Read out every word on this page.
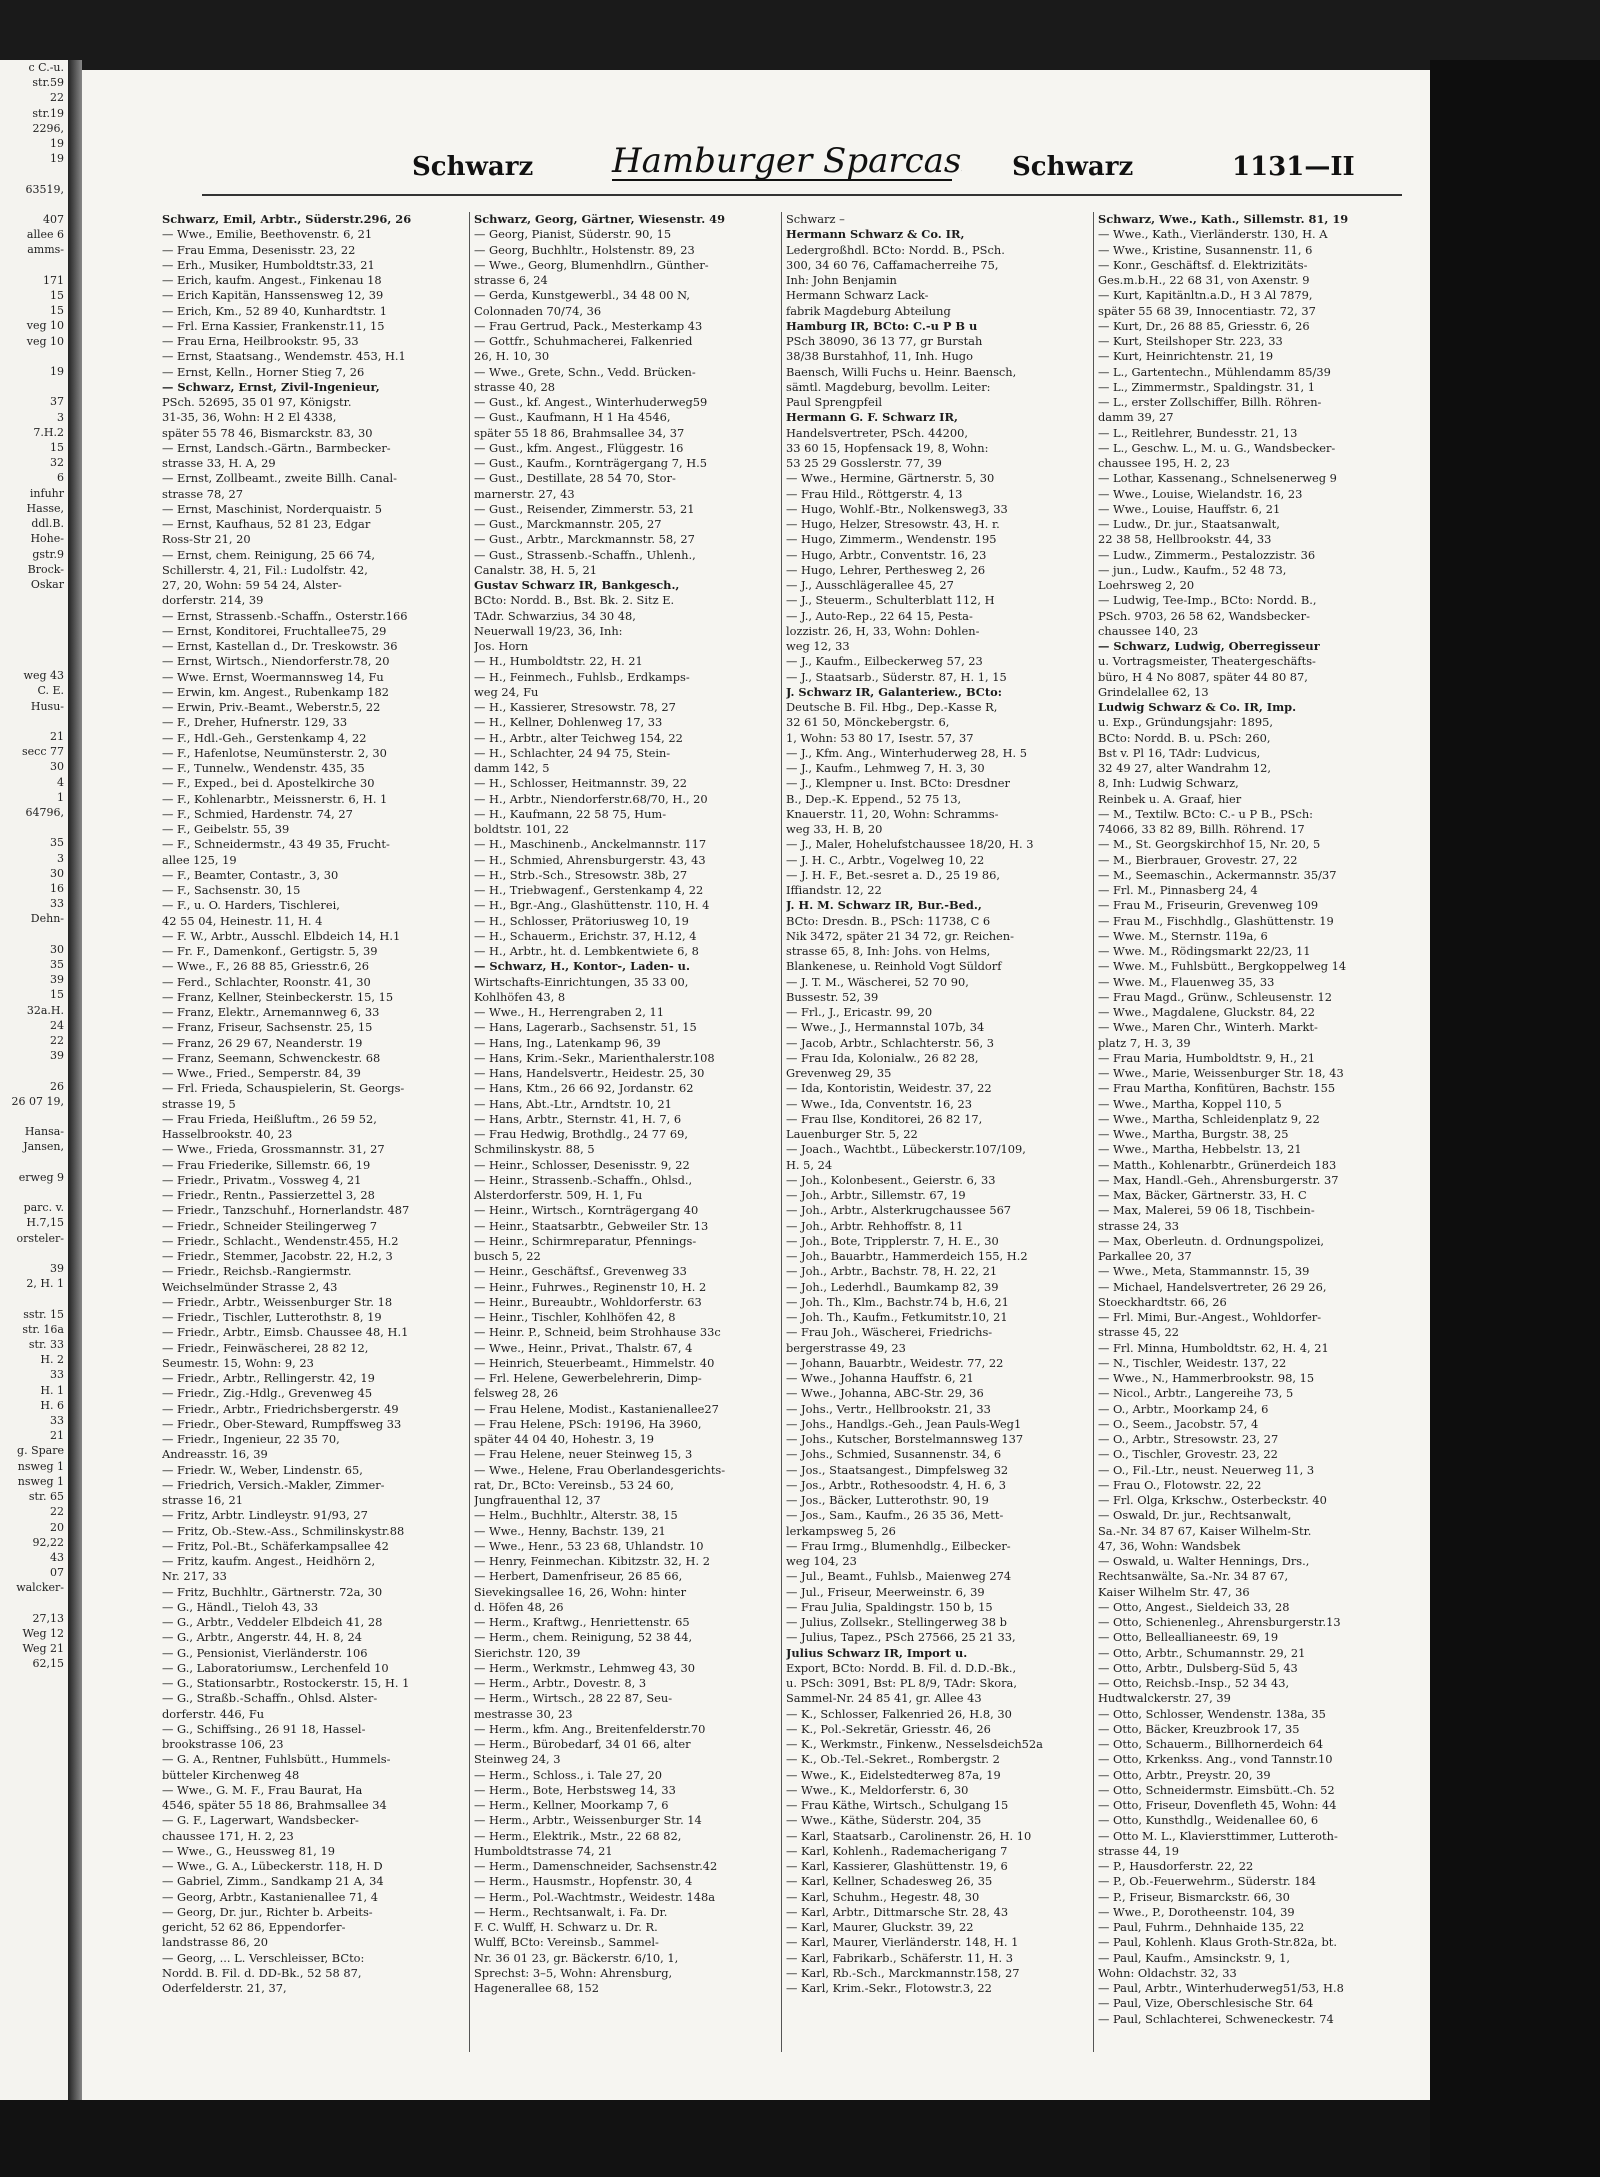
c C.-u.
str.59
22
str.19
2296,
19
19

63519,

407
allee 6
amms-

171
15
15
veg 10
veg 10

19

37
3
7.H.2
15
32
6
infuhr
Hasse,
ddl.B.
Hohe-
gstr.9
Brock-
Oskar

weg 43
C. E.
Husu-

21
secc 77
30
4
1
64796,

35
3
30
16
33
Dehn-

30
35
39
15
32a.H.
24
22
39

26
26 07 19,

Hansa-
Jansen,

erweg 9

parc. v.
H.7,15
orsteler-

39
2, H. 1

sstr. 15
str. 16a
str. 33
H. 2
33
H. 1
H. 6
33
21
g. Spare
nsweg 1
nsweg 1
str. 65
22
20
92,22
43
07
walcker-

27,13
Weg 12
Weg 21
62,15
Schwarz Hamburger Sparcas	Schwarz	1131—II
Schwarz, Emil, Arbtr., Süderstr.296, 26
— Wwe., Emilie, Beethovenstr. 6, 21
— Frau Emma, Desenisstr. 23, 22
— Erh., Musiker, Humboldtstr.33, 21
— Erich, kaufm. Angest., Finkenau 18
— Erich Kapitän, Hanssensweg 12, 39
— Erich, Km., 52 89 40, Kunhardtstr. 1
— Frl. Erna Kassier, Frankenstr.11, 15
— Frau Erna, Heilbrookstr. 95, 33
— Ernst, Staatsang., Wendemstr. 453, H.1
— Ernst, Kelln., Horner Stieg 7, 26
— Schwarz, Ernst, Zivil-Ingenieur,
PSch. 52695, 35 01 97, Königstr.
31-35, 36, Wohn: H 2 El 4338,
später 55 78 46, Bismarckstr. 83, 30
— Ernst, Landsch.-Gärtn., Barmbecker-
strasse 33, H. A, 29
— Ernst, Zollbeamt., zweite Billh. Canal-
strasse 78, 27
— Ernst, Maschinist, Norderquaistr. 5
— Ernst, Kaufhaus, 52 81 23, Edgar
Ross-Str 21, 20
— Ernst, chem. Reinigung, 25 66 74,
Schillerstr. 4, 21, Fil.: Ludolfstr. 42,
27, 20, Wohn: 59 54 24, Alster-
dorferstr. 214, 39
— Ernst, Strassenb.-Schaffn., Osterstr.166
— Ernst, Konditorei, Fruchtallee75, 29
— Ernst, Kastellan d., Dr. Treskowstr. 36
— Ernst, Wirtsch., Niendorferstr.78, 20
— Wwe. Ernst, Woermannsweg 14, Fu
— Erwin, km. Angest., Rubenkamp 182
— Erwin, Priv.-Beamt., Weberstr.5, 22
— F., Dreher, Hufnerstr. 129, 33
— F., Hdl.-Geh., Gerstenkamp 4, 22
— F., Hafenlotse, Neumünsterstr. 2, 30
— F., Tunnelw., Wendenstr. 435, 35
— F., Exped., bei d. Apostelkirche 30
— F., Kohlenarbtr., Meissnerstr. 6, H. 1
— F., Schmied, Hardenstr. 74, 27
— F., Geibelstr. 55, 39
— F., Schneidermstr., 43 49 35, Frucht-
allee 125, 19
— F., Beamter, Contastr., 3, 30
— F., Sachsenstr. 30, 15
— F., u. O. Harders, Tischlerei,
42 55 04, Heinestr. 11, H. 4
— F. W., Arbtr., Ausschl. Elbdeich 14, H.1
— Fr. F., Damenkonf., Gertigstr. 5, 39
— Wwe., F., 26 88 85, Griesstr.6, 26
— Ferd., Schlachter, Roonstr. 41, 30
— Franz, Kellner, Steinbeckerstr. 15, 15
— Franz, Elektr., Arnemannweg 6, 33
— Franz, Friseur, Sachsenstr. 25, 15
— Franz, 26 29 67, Neanderstr. 19
— Franz, Seemann, Schwenckestr. 68
— Wwe., Fried., Semperstr. 84, 39
— Frl. Frieda, Schauspielerin, St. Georgs-
strasse 19, 5
— Frau Frieda, Heißluftm., 26 59 52,
Hasselbrookstr. 40, 23
— Wwe., Frieda, Grossmannstr. 31, 27
— Frau Friederike, Sillemstr. 66, 19
— Friedr., Privatm., Vossweg 4, 21
— Friedr., Rentn., Passierzettel 3, 28
— Friedr., Tanzschuhf., Hornerlandstr. 487
— Friedr., Schneider Steilingerweg 7
— Friedr., Schlacht., Wendenstr.455, H.2
— Friedr., Stemmer, Jacobstr. 22, H.2, 3
— Friedr., Reichsb.-Rangiermstr.
Weichselmünder Strasse 2, 43
— Friedr., Arbtr., Weissenburger Str. 18
— Friedr., Tischler, Lutterothstr. 8, 19
— Friedr., Arbtr., Eimsb. Chaussee 48, H.1
— Friedr., Feinwäscherei, 28 82 12,
Seumestr. 15, Wohn: 9, 23
— Friedr., Arbtr., Rellingerstr. 42, 19
— Friedr., Zig.-Hdlg., Grevenweg 45
— Friedr., Arbtr., Friedrichsbergerstr. 49
— Friedr., Ober-Steward, Rumpffsweg 33
— Friedr., Ingenieur, 22 35 70,
Andreasstr. 16, 39
— Friedr. W., Weber, Lindenstr. 65,
— Friedrich, Versich.-Makler, Zimmer-
strasse 16, 21
— Fritz, Arbtr. Lindleystr. 91/93, 27
— Fritz, Ob.-Stew.-Ass., Schmilinskystr.88
— Fritz, Pol.-Bt., Schäferkampsallee 42
— Fritz, kaufm. Angest., Heidhörn 2,
Nr. 217, 33
— Fritz, Buchhltr., Gärtnerstr. 72a, 30
— G., Händl., Tieloh 43, 33
— G., Arbtr., Veddeler Elbdeich 41, 28
— G., Arbtr., Angerstr. 44, H. 8, 24
— G., Pensionist, Vierländerstr. 106
— G., Laboratoriumsw., Lerchenfeld 10
— G., Stationsarbtr., Rostockerstr. 15, H. 1
— G., Straßb.-Schaffn., Ohlsd. Alster-
dorferstr. 446, Fu
— G., Schiffsing., 26 91 18, Hassel-
brookstrasse 106, 23
— G. A., Rentner, Fuhlsbütt., Hummels-
bütteler Kirchenweg 48
— Wwe., G. M. F., Frau Baurat, Ha
4546, später 55 18 86, Brahmsallee 34
— G. F., Lagerwart, Wandsbecker-
chaussee 171, H. 2, 23
— Wwe., G., Heussweg 81, 19
— Wwe., G. A., Lübeckerstr. 118, H. D
— Gabriel, Zimm., Sandkamp 21 A, 34
— Georg, Arbtr., Kastanienallee 71, 4
— Georg, Dr. jur., Richter b. Arbeits-
gericht, 52 62 86, Eppendorfer-
landstrasse 86, 20
— Georg, ... L. Verschleisser, BCto:
Nordd. B. Fil. d. DD-Bk., 52 58 87,
Oderfelderstr. 21, 37,
Schwarz, Georg, Gärtner, Wiesenstr. 49
— Georg, Pianist, Süderstr. 90, 15
— Georg, Buchhltr., Holstenstr. 89, 23
— Wwe., Georg, Blumenhdlrn., Günther-
strasse 6, 24
— Gerda, Kunstgewerbl., 34 48 00 N,
Colonnaden 70/74, 36
— Frau Gertrud, Pack., Mesterkamp 43
— Gottfr., Schuhmacherei, Falkenried
26, H. 10, 30
— Wwe., Grete, Schn., Vedd. Brücken-
strasse 40, 28
— Gust., kf. Angest., Winterhuderweg59
— Gust., Kaufmann, H 1 Ha 4546,
später 55 18 86, Brahmsallee 34, 37
— Gust., kfm. Angest., Flüggestr. 16
— Gust., Kaufm., Kornträgergang 7, H.5
— Gust., Destillate, 28 54 70, Stor-
marnerstr. 27, 43
— Gust., Reisender, Zimmerstr. 53, 21
— Gust., Marckmannstr. 205, 27
— Gust., Arbtr., Marckmannstr. 58, 27
— Gust., Strassenb.-Schaffn., Uhlenh.,
Canalstr. 38, H. 5, 21
Gustav Schwarz IR, Bankgesch.,
BCto: Nordd. B., Bst. Bk. 2. Sitz E.
TAdr. Schwarzius, 34 30 48,
Neuerwall 19/23, 36, Inh:
Jos. Horn
— H., Humboldtstr. 22, H. 21
— H., Feinmech., Fuhlsb., Erdkamps-
weg 24, Fu
— H., Kassierer, Stresowstr. 78, 27
— H., Kellner, Dohlenweg 17, 33
— H., Arbtr., alter Teichweg 154, 22
— H., Schlachter, 24 94 75, Stein-
damm 142, 5
— H., Schlosser, Heitmannstr. 39, 22
— H., Arbtr., Niendorferstr.68/70, H., 20
— H., Kaufmann, 22 58 75, Hum-
boldtstr. 101, 22
— H., Maschinenb., Anckelmannstr. 117
— H., Schmied, Ahrensburgerstr. 43, 43
— H., Strb.-Sch., Stresowstr. 38b, 27
— H., Triebwagenf., Gerstenkamp 4, 22
— H., Bgr.-Ang., Glashüttenstr. 110, H. 4
— H., Schlosser, Prätoriusweg 10, 19
— H., Schauerm., Erichstr. 37, H.12, 4
— H., Arbtr., ht. d. Lembkentwiete 6, 8
— Schwarz, H., Kontor-, Laden- u.
Wirtschafts-Einrichtungen, 35 33 00,
Kohlhöfen 43, 8
— Wwe., H., Herrengraben 2, 11
— Hans, Lagerarb., Sachsenstr. 51, 15
— Hans, Ing., Latenkamp 96, 39
— Hans, Krim.-Sekr., Marienthalerstr.108
— Hans, Handelsvertr., Heidestr. 25, 30
— Hans, Ktm., 26 66 92, Jordanstr. 62
— Hans, Abt.-Ltr., Arndtstr. 10, 21
— Hans, Arbtr., Sternstr. 41, H. 7, 6
— Frau Hedwig, Brothdlg., 24 77 69,
Schmilinskystr. 88, 5
— Heinr., Schlosser, Desenisstr. 9, 22
— Heinr., Strassenb.-Schaffn., Ohlsd.,
Alsterdorferstr. 509, H. 1, Fu
— Heinr., Wirtsch., Kornträgergang 40
— Heinr., Staatsarbtr., Gebweiler Str. 13
— Heinr., Schirmreparatur, Pfennings-
busch 5, 22
— Heinr., Geschäftsf., Grevenweg 33
— Heinr., Fuhrwes., Reginenstr 10, H. 2
— Heinr., Bureaubtr., Wohldorferstr. 63
— Heinr., Tischler, Kohlhöfen 42, 8
— Heinr. P., Schneid, beim Strohhause 33c
— Wwe., Heinr., Privat., Thalstr. 67, 4
— Heinrich, Steuerbeamt., Himmelstr. 40
— Frl. Helene, Gewerbelehrerin, Dimp-
felsweg 28, 26
— Frau Helene, Modist., Kastanienallee27
— Frau Helene, PSch: 19196, Ha 3960,
später 44 04 40, Hohestr. 3, 19
— Frau Helene, neuer Steinweg 15, 3
— Wwe., Helene, Frau Oberlandesgerichts-
rat, Dr., BCto: Vereinsb., 53 24 60,
Jungfrauenthal 12, 37
— Helm., Buchhltr., Alterstr. 38, 15
— Wwe., Henny, Bachstr. 139, 21
— Wwe., Henr., 53 23 68, Uhlandstr. 10
— Henry, Feinmechan. Kibitzstr. 32, H. 2
— Herbert, Damenfriseur, 26 85 66,
Sievekingsallee 16, 26, Wohn: hinter
d. Höfen 48, 26
— Herm., Kraftwg., Henriettenstr. 65
— Herm., chem. Reinigung, 52 38 44,
Sierichstr. 120, 39
— Herm., Werkmstr., Lehmweg 43, 30
— Herm., Arbtr., Dovestr. 8, 3
— Herm., Wirtsch., 28 22 87, Seu-
mestrasse 30, 23
— Herm., kfm. Ang., Breitenfelderstr.70
— Herm., Bürobedarf, 34 01 66, alter
Steinweg 24, 3
— Herm., Schloss., i. Tale 27, 20
— Herm., Bote, Herbstsweg 14, 33
— Herm., Kellner, Moorkamp 7, 6
— Herm., Arbtr., Weissenburger Str. 14
— Herm., Elektrik., Mstr., 22 68 82,
Humboldtstrasse 74, 21
— Herm., Damenschneider, Sachsenstr.42
— Herm., Hausmstr., Hopfenstr. 30, 4
— Herm., Pol.-Wachtmstr., Weidestr. 148a
— Herm., Rechtsanwalt, i. Fa. Dr.
F. C. Wulff, H. Schwarz u. Dr. R.
Wulff, BCto: Vereinsb., Sammel-
Nr. 36 01 23, gr. Bäckerstr. 6/10, 1,
Sprechst: 3–5, Wohn: Ahrensburg,
Hagenerallee 68, 152
Schwarz –
Hermann Schwarz & Co. IR,
Ledergroßhdl. BCto: Nordd. B., PSch.
300, 34 60 76, Caffamacherreihe 75,
Inh: John Benjamin
Hermann Schwarz Lack-
fabrik Magdeburg Abteilung
Hamburg IR, BCto: C.-u P B u
PSch 38090, 36 13 77, gr Burstah
38/38 Burstahhof, 11, Inh. Hugo
Baensch, Willi Fuchs u. Heinr. Baensch,
sämtl. Magdeburg, bevollm. Leiter:
Paul Sprengpfeil
Hermann G. F. Schwarz IR,
Handelsvertreter, PSch. 44200,
33 60 15, Hopfensack 19, 8, Wohn:
53 25 29 Gosslerstr. 77, 39
— Wwe., Hermine, Gärtnerstr. 5, 30
— Frau Hild., Röttgerstr. 4, 13
— Hugo, Wohlf.-Btr., Nolkensweg3, 33
— Hugo, Helzer, Stresowstr. 43, H. r.
— Hugo, Zimmerm., Wendenstr. 195
— Hugo, Arbtr., Conventstr. 16, 23
— Hugo, Lehrer, Perthesweg 2, 26
— J., Ausschlägerallee 45, 27
— J., Steuerm., Schulterblatt 112, H
— J., Auto-Rep., 22 64 15, Pesta-
lozzistr. 26, H, 33, Wohn: Dohlen-
weg 12, 33
— J., Kaufm., Eilbeckerweg 57, 23
— J., Staatsarb., Süderstr. 87, H. 1, 15
J. Schwarz IR, Galanteriew., BCto:
Deutsche B. Fil. Hbg., Dep.-Kasse R,
32 61 50, Mönckebergstr. 6,
1, Wohn: 53 80 17, Isestr. 57, 37
— J., Kfm. Ang., Winterhuderweg 28, H. 5
— J., Kaufm., Lehmweg 7, H. 3, 30
— J., Klempner u. Inst. BCto: Dresdner
B., Dep.-K. Eppend., 52 75 13,
Knauerstr. 11, 20, Wohn: Schramms-
weg 33, H. B, 20
— J., Maler, Hohelufstchaussee 18/20, H. 3
— J. H. C., Arbtr., Vogelweg 10, 22
— J. H. F., Bet.-sesret a. D., 25 19 86,
Iffiandstr. 12, 22
J. H. M. Schwarz IR, Bur.-Bed.,
BCto: Dresdn. B., PSch: 11738, C 6
Nik 3472, später 21 34 72, gr. Reichen-
strasse 65, 8, Inh: Johs. von Helms,
Blankenese, u. Reinhold Vogt Süldorf
— J. T. M., Wäscherei, 52 70 90,
Bussestr. 52, 39
— Frl., J., Ericastr. 99, 20
— Wwe., J., Hermannstal 107b, 34
— Jacob, Arbtr., Schlachterstr. 56, 3
— Frau Ida, Kolonialw., 26 82 28,
Grevenweg 29, 35
— Ida, Kontoristin, Weidestr. 37, 22
— Wwe., Ida, Conventstr. 16, 23
— Frau Ilse, Konditorei, 26 82 17,
Lauenburger Str. 5, 22
— Joach., Wachtbt., Lübeckerstr.107/109,
H. 5, 24
— Joh., Kolonbesent., Geierstr. 6, 33
— Joh., Arbtr., Sillemstr. 67, 19
— Joh., Arbtr., Alsterkrugchaussee 567
— Joh., Arbtr. Rehhoffstr. 8, 11
— Joh., Bote, Tripplerstr. 7, H. E., 30
— Joh., Bauarbtr., Hammerdeich 155, H.2
— Joh., Arbtr., Bachstr. 78, H. 22, 21
— Joh., Lederhdl., Baumkamp 82, 39
— Joh. Th., Klm., Bachstr.74 b, H.6, 21
— Joh. Th., Kaufm., Fetkumitstr.10, 21
— Frau Joh., Wäscherei, Friedrichs-
bergerstrasse 49, 23
— Johann, Bauarbtr., Weidestr. 77, 22
— Wwe., Johanna Hauffstr. 6, 21
— Wwe., Johanna, ABC-Str. 29, 36
— Johs., Vertr., Hellbrookstr. 21, 33
— Johs., Handlgs.-Geh., Jean Pauls-Weg1
— Johs., Kutscher, Borstelmannsweg 137
— Johs., Schmied, Susannenstr. 34, 6
— Jos., Staatsangest., Dimpfelsweg 32
— Jos., Arbtr., Rothesoodstr. 4, H. 6, 3
— Jos., Bäcker, Lutterothstr. 90, 19
— Jos., Sam., Kaufm., 26 35 36, Mett-
lerkampsweg 5, 26
— Frau Irmg., Blumenhdlg., Eilbecker-
weg 104, 23
— Jul., Beamt., Fuhlsb., Maienweg 274
— Jul., Friseur, Meerweinstr. 6, 39
— Frau Julia, Spaldingstr. 150 b, 15
— Julius, Zollsekr., Stellingerweg 38 b
— Julius, Tapez., PSch 27566, 25 21 33,
Julius Schwarz IR, Import u.
Export, BCto: Nordd. B. Fil. d. D.D.-Bk.,
u. PSch: 3091, Bst: PL 8/9, TAdr: Skora,
Sammel-Nr. 24 85 41, gr. Allee 43
— K., Schlosser, Falkenried 26, H.8, 30
— K., Pol.-Sekretär, Griesstr. 46, 26
— K., Werkmstr., Finkenw., Nesselsdeich52a
— K., Ob.-Tel.-Sekret., Rombergstr. 2
— Wwe., K., Eidelstedterweg 87a, 19
— Wwe., K., Meldorferstr. 6, 30
— Frau Käthe, Wirtsch., Schulgang 15
— Wwe., Käthe, Süderstr. 204, 35
— Karl, Staatsarb., Carolinenstr. 26, H. 10
— Karl, Kohlenh., Rademacherigang 7
— Karl, Kassierer, Glashüttenstr. 19, 6
— Karl, Kellner, Schadesweg 26, 35
— Karl, Schuhm., Hegestr. 48, 30
— Karl, Arbtr., Dittmarsche Str. 28, 43
— Karl, Maurer, Gluckstr. 39, 22
— Karl, Maurer, Vierländerstr. 148, H. 1
— Karl, Fabrikarb., Schäferstr. 11, H. 3
— Karl, Rb.-Sch., Marckmannstr.158, 27
— Karl, Krim.-Sekr., Flotowstr.3, 22
Schwarz, Wwe., Kath., Sillemstr. 81, 19
— Wwe., Kath., Vierländerstr. 130, H. A
— Wwe., Kristine, Susannenstr. 11, 6
— Konr., Geschäftsf. d. Elektrizitäts-
Ges.m.b.H., 22 68 31, von Axenstr. 9
— Kurt, Kapitänltn.a.D., H 3 Al 7879,
später 55 68 39, Innocentiastr. 72, 37
— Kurt, Dr., 26 88 85, Griesstr. 6, 26
— Kurt, Steilshoper Str. 223, 33
— Kurt, Heinrichtenstr. 21, 19
— L., Gartentechn., Mühlendamm 85/39
— L., Zimmermstr., Spaldingstr. 31, 1
— L., erster Zollschiffer, Billh. Röhren-
damm 39, 27
— L., Reitlehrer, Bundesstr. 21, 13
— L., Geschw. L., M. u. G., Wandsbecker-
chaussee 195, H. 2, 23
— Lothar, Kassenang., Schnelsenerweg 9
— Wwe., Louise, Wielandstr. 16, 23
— Wwe., Louise, Hauffstr. 6, 21
— Ludw., Dr. jur., Staatsanwalt,
22 38 58, Hellbrookstr. 44, 33
— Ludw., Zimmerm., Pestalozzistr. 36
— jun., Ludw., Kaufm., 52 48 73,
Loehrsweg 2, 20
— Ludwig, Tee-Imp., BCto: Nordd. B.,
PSch. 9703, 26 58 62, Wandsbecker-
chaussee 140, 23
— Schwarz, Ludwig, Oberregisseur
u. Vortragsmeister, Theatergeschäfts-
büro, H 4 No 8087, später 44 80 87,
Grindelallee 62, 13
Ludwig Schwarz & Co. IR, Imp.
u. Exp., Gründungsjahr: 1895,
BCto: Nordd. B. u. PSch: 260,
Bst v. Pl 16, TAdr: Ludvicus,
32 49 27, alter Wandrahm 12,
8, Inh: Ludwig Schwarz,
Reinbek u. A. Graaf, hier
— M., Textilw. BCto: C.- u P B., PSch:
74066, 33 82 89, Billh. Röhrend. 17
— M., St. Georgskirchhof 15, Nr. 20, 5
— M., Bierbrauer, Grovestr. 27, 22
— M., Seemaschin., Ackermannstr. 35/37
— Frl. M., Pinnasberg 24, 4
— Frau M., Friseurin, Grevenweg 109
— Frau M., Fischhdlg., Glashüttenstr. 19
— Wwe. M., Sternstr. 119a, 6
— Wwe. M., Rödingsmarkt 22/23, 11
— Wwe. M., Fuhlsbütt., Bergkoppelweg 14
— Wwe. M., Flauenweg 35, 33
— Frau Magd., Grünw., Schleusenstr. 12
— Wwe., Magdalene, Gluckstr. 84, 22
— Wwe., Maren Chr., Winterh. Markt-
platz 7, H. 3, 39
— Frau Maria, Humboldtstr. 9, H., 21
— Wwe., Marie, Weissenburger Str. 18, 43
— Frau Martha, Konfitüren, Bachstr. 155
— Wwe., Martha, Koppel 110, 5
— Wwe., Martha, Schleidenplatz 9, 22
— Wwe., Martha, Burgstr. 38, 25
— Wwe., Martha, Hebbelstr. 13, 21
— Matth., Kohlenarbtr., Grünerdeich 183
— Max, Handl.-Geh., Ahrensburgerstr. 37
— Max, Bäcker, Gärtnerstr. 33, H. C
— Max, Malerei, 59 06 18, Tischbein-
strasse 24, 33
— Max, Oberleutn. d. Ordnungspolizei,
Parkallee 20, 37
— Wwe., Meta, Stammannstr. 15, 39
— Michael, Handelsvertreter, 26 29 26,
Stoeckhardtstr. 66, 26
— Frl. Mimi, Bur.-Angest., Wohldorfer-
strasse 45, 22
— Frl. Minna, Humboldtstr. 62, H. 4, 21
— N., Tischler, Weidestr. 137, 22
— Wwe., N., Hammerbrookstr. 98, 15
— Nicol., Arbtr., Langereihe 73, 5
— O., Arbtr., Moorkamp 24, 6
— O., Seem., Jacobstr. 57, 4
— O., Arbtr., Stresowstr. 23, 27
— O., Tischler, Grovestr. 23, 22
— O., Fil.-Ltr., neust. Neuerweg 11, 3
— Frau O., Flotowstr. 22, 22
— Frl. Olga, Krkschw., Osterbeckstr. 40
— Oswald, Dr. jur., Rechtsanwalt,
Sa.-Nr. 34 87 67, Kaiser Wilhelm-Str.
47, 36, Wohn: Wandsbek
— Oswald, u. Walter Hennings, Drs.,
Rechtsanwälte, Sa.-Nr. 34 87 67,
Kaiser Wilhelm Str. 47, 36
— Otto, Angest., Sieldeich 33, 28
— Otto, Schienenleg., Ahrensburgerstr.13
— Otto, Belleallianeestr. 69, 19
— Otto, Arbtr., Schumannstr. 29, 21
— Otto, Arbtr., Dulsberg-Süd 5, 43
— Otto, Reichsb.-Insp., 52 34 43,
Hudtwalckerstr. 27, 39
— Otto, Schlosser, Wendenstr. 138a, 35
— Otto, Bäcker, Kreuzbrook 17, 35
— Otto, Schauerm., Billhornerdeich 64
— Otto, Krkenkss. Ang., vond Tannstr.10
— Otto, Arbtr., Preystr. 20, 39
— Otto, Schneidermstr. Eimsbütt.-Ch. 52
— Otto, Friseur, Dovenfleth 45, Wohn: 44
— Otto, Kunsthdlg., Weidenallee 60, 6
— Otto M. L., Klaviersttimmer, Lutteroth-
strasse 44, 19
— P., Hausdorferstr. 22, 22
— P., Ob.-Feuerwehrm., Süderstr. 184
— P., Friseur, Bismarckstr. 66, 30
— Wwe., P., Dorotheenstr. 104, 39
— Paul, Fuhrm., Dehnhaide 135, 22
— Paul, Kohlenh. Klaus Groth-Str.82a, bt.
— Paul, Kaufm., Amsinckstr. 9, 1,
Wohn: Oldachstr. 32, 33
— Paul, Arbtr., Winterhuderweg51/53, H.8
— Paul, Vize, Oberschlesische Str. 64
— Paul, Schlachterei, Schweneckestr. 74
